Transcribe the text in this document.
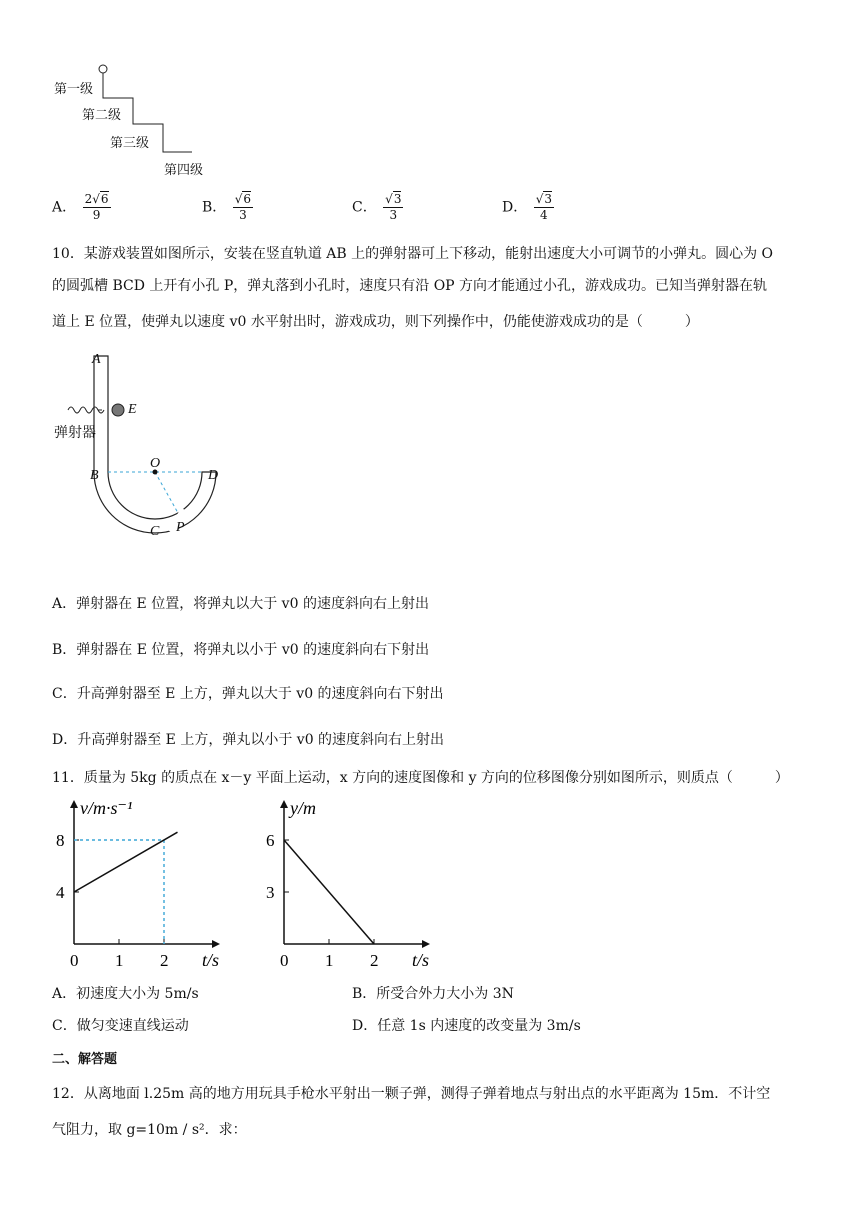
第一级
第二级
第三级
第四级
A． $\frac{2√6}{9}$	B． $\frac{√6}{3}$	C． $\frac{√3}{3}$	D． $\frac{√3}{4}$
10．某游戏装置如图所示，安装在竖直轨道 AB 上的弹射器可上下移动，能射出速度大小可调节的小弹丸。圆心为 O
的圆弧槽 BCD 上开有小孔 P，弹丸落到小孔时，速度只有沿 OP 方向才能通过小孔，游戏成功。已知当弹射器在轨
道上 E 位置，使弹丸以速度 v0 水平射出时，游戏成功，则下列操作中，仍能使游戏成功的是（　　　）
A
E
弹射器
B
O
D
C P
A．弹射器在 E 位置，将弹丸以大于 v0 的速度斜向右上射出
B．弹射器在 E 位置，将弹丸以小于 v0 的速度斜向右下射出
C．升高弹射器至 E 上方，弹丸以大于 v0 的速度斜向右下射出
D．升高弹射器至 E 上方，弹丸以小于 v0 的速度斜向右上射出
11．质量为 5kg 的质点在 x－y 平面上运动，x 方向的速度图像和 y 方向的位移图像分别如图所示，则质点（　　　）
v/m·s⁻¹
t/s
0 1 2
4
8
y/m
t/s
0 1 2
3
6
A．初速度大小为 5m/s	B．所受合外力大小为 3N
C．做匀变速直线运动	D．任意 1s 内速度的改变量为 3m/s
二、解答题
12．从离地面 l.25m 高的地方用玩具手枪水平射出一颗子弹，测得子弹着地点与射出点的水平距离为 15m．不计空
气阻力，取 g=10m / s²．求：
